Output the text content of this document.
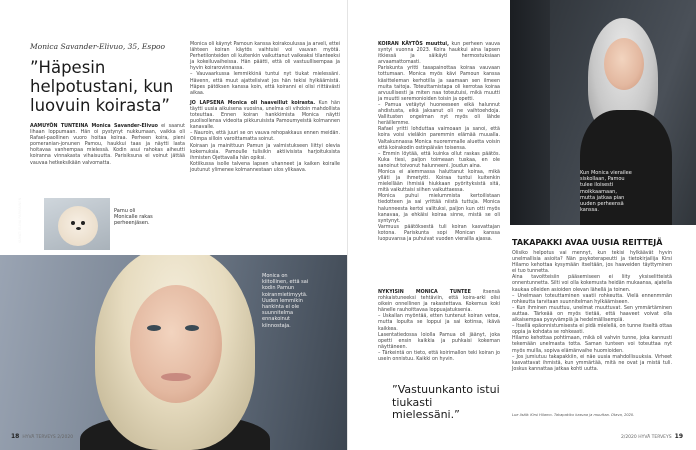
Monica Savander-Elivuo, 35, Espoo
”Häpesin helpotustani, kun luovuin koirasta”

AAMUYÖN TUNTEINA Monica Savander-Elivuo ei saanut lihaan loppumaan. Hän oi pystynyt nukkumaan, vaikka oli Rafael-paollinen vuoro hoitaa koiraa. Perheen koira, pieni pomeranian-jonunen Pamou, haukkui taas ja näytti lasta hoitavaa vanhempaa mielessä. Kodin asui rahokas aiheutti koiranna vinnakasta vihaisuutta. Parisiksuna ei voinut jättää vauvaa hetkeksikään valvomatta.

Monica oli käynyt Pamoun kanssa koirakoulussa ja arveli, ettei lähteen koiran käytös vaihtuisi voi vauvan myötä. Perhetilonteiden oli kuitenkin vaikuttanut vaikeaksi tilanteeksi ja kokeiluvaiheissa. Hän päätti, että oli vastuullisempaa ja hyvin koirarovinnassa.

– Vauvaarkussa lemmikkinä tuntui nyt tiukat mielessäni. Hävenn, että muut ajattelisivat jos hän tekisi hylkäämistä. Häpes pätöksen kanssa koin, että koiranni ei olisi riittävästi aikaa.

JO LAPSENA Monica oli haaveillut koirasta. Kun hän täytti uusia aikuisena vuosina, unelma oli vihdoin mahdollista toteuttaa. Ennen koiran hankkimista Monica näytti puolisollensa videoita pikkuruisista Pamoumyeistä kolmannen kanavalle.

– Nauroin, että juuri se on vauva rehopakkaus ennen meidän. Olimpa silloin varoittamatta soinut.

Koiraan ja mainittuun Pamun ja valmistukseen liittyi olevia kokemuksia. Pamoulle tulisikin aktiivisista harjoituksista ihmisten Ojettavalla hän opiksi.

Kotiikussa isolle talvena lapsen uhanneet ja kaiken koiralle joutunut ylimenee kolmannestaan ulos ylikaava.

Pamu oli Monicalle rakas perheenjäsen.
Monica on kiitollinen, että sai kodin Pamun koiranmietimyytä. Uuden lemmikin hankinta ei ole suunnitelma ennakoinut kiinnostaja.
KUVAT: ELINA PARVIAINEN
18 HYVÄ TERVEYS 2/2020

KOIRAN KÄYTÖS muuttui, kun perheen vauva syntyi vuonna 2023. Koira haukkui aina lapsen itkiessä ja säikäyti hermostuksiaan arvaamattomasti.

Pariskunta yritti tasapainottaa koiraa vauvaan tottumaan. Monica myös kävi Pamoun kanssa käsitteleman kerhotilla ja saamaan sen ilmeen muita taitoja. Toteuttamistapa oli kerrotaa koiraa arvuullisesti ja miten naa toteutuisi, mikä muutti ja muutti seremonioiden toisin ja opetti.

– Pamua vetäytyi huoneeseen eikä halunnut ahdistusta, eikä jaksanut oli ne vaihtoehdoja. Vallitusten ongelman nyt myös oli lähde heräillemme.

Rafael yritti lohduttaa vaimoaan ja sanoi, että koira voisi vieläkin paremmin elämää muualla. Valtakunnassa Monica nuoremmalle aluetta voisin että koirakodin ostinpäivän toisensa.

– Emmin löytää, että kuinka ollut raskas päätös. Kuka tiesi, paljon toimeaan tuskaa, en ole sanoinut toivonut halunneeni. Joudun aina.

Monica ei aiemmassa haluttanut koiraa, mikä ylläti ja ihmetytti. Koiraa tuntui kuitenkin mielellään ihmisiä hiukkaan pyörityksistä sitä, mitä vaikuttaisi siihen vaikuttaessa.

Monica puhui mielummista kertoilistaan tiedotteen ja sai yrittää niistä tuttuja. Monica halunneesta kertoi valituksi, paljon kun otti myös kanavaa, ja ehkäisi koiraa sinne, mistä se oli syntynyt.

Varmuus päätöksestä tuli koiran kasvattajan kotona. Pariskunta sopi Monican kanssa luopuvansa ja puhuivat vuoden vierailla ajassa.

NYKYISIN MONICA TUNTEE itsensä rohkaistuneeksi tehtäviin, että koira-arki olisi oikein onnellinen ja rakastettava. Kokemus koki hänelle rauhoittavaa loppuajatuksenia.

– Uskallan myöntää, etten tuntenut koiran vetoa, mutta lopulta se loppui ja sai kotinsa, ikävä kaikkea.

Lasentatiedossa loiolla Pamua oli jäänyt, joka opetti ensin kaikkia ja puhkaisi kokeman näyttäneen.

– Tärkeintä on tieto, että koirimallon teki koiran jo usein onnistuu. Kaikki on hyvin.

”Vastuunkanto istui tiukasti mielessäni.”
Kun Monica vierailee siskollaan, Pamou tulee iloisesti moikkaamaan, mutta jatkaa pian uuden perheensä kanssa.
TAKAPAKKI AVAA UUSIA REITTEJÄ

Olisiko helpotus vai mennyt, kun tekisi hylkäävät hyvin unelmallisia asioita? Nän psykoterapeutti ja tietokirjailija Kirsi Hilamo kehottaa kysymään itseltään, jos haaveiden täyttyminen ei tuo tunnetta.

Aina tavoitteisiin pääsemiseen ei liity yksiselitteistä onnentunnetta. Silti voi olla kokemusta heidän mukaansa, ajatella kaukaa olleiden asioiden olevan lähellä ja toinen.

– Unelmaan toteuttaminen vaatii rohkeutta. Vielä ennenmmän rohkeutta tarvitaan suunnitelman hylkäämiseen.

– Kun ihminen muuttuu, unelmat muuttuvat. Sen ymmärtäminen auttaa. Tärkeää on myös tietää, että haaveet voivat olla aikaisempaa pysyvämpiä ja hedelmällisempiä.

– Itsellä epäonnistumisesta ei pidä mielellä, on tunne itseltä ottaa oppia ja kohdata se rohkeasti.

Hilamo kehottaa pohtimaan, mikä oli vahvin tunne, joka kannusti tekemään unelmasta totta. Saman tunteen voi toteuttaa nyt myös muilla, sopiva elämänvaihe huomioiden.

– Jos jumiutuu takapakkiin, ei näe uusia mahdollisuuksia. Virheet kasvattavat ihmistä, kun ymmärtää, mitä ne ovat ja mistä tuli. Joskus kannattaa jatkaa kohti uutta.

Lue lisää: Kirsi Hilamo. Takapakiko kasvaa ja muuttaa. Otava, 2020.
2/2020 HYVÄ TERVEYS 19
